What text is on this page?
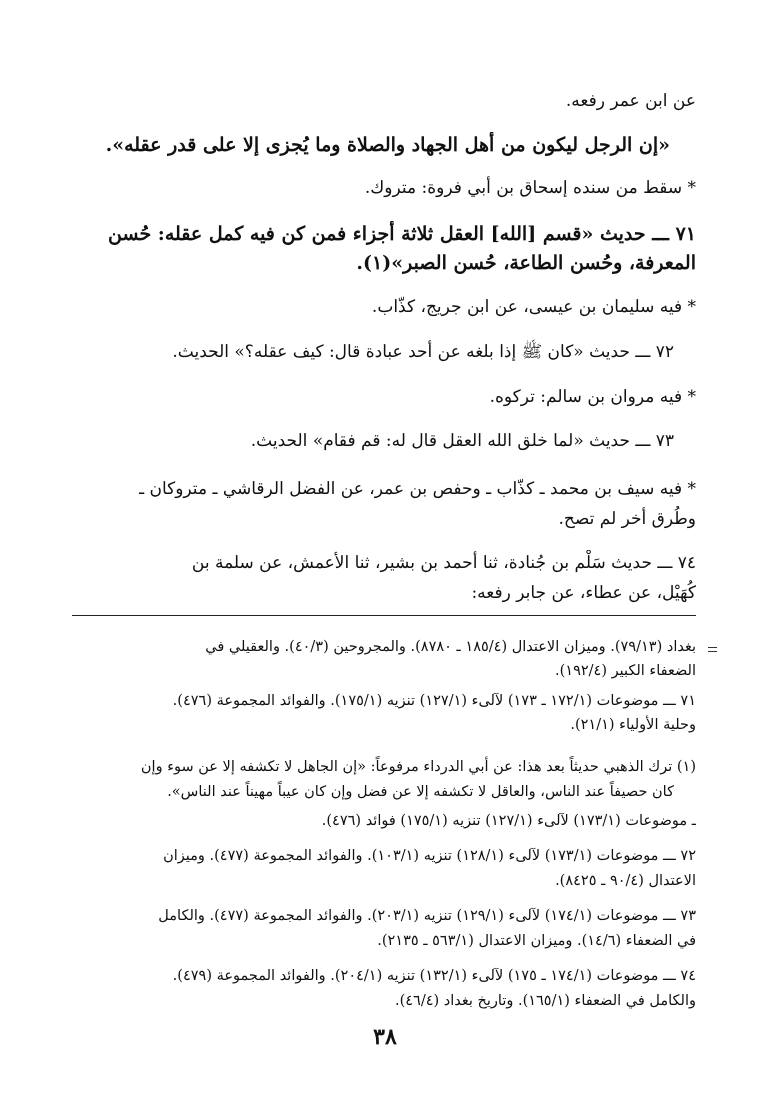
عن ابن عمر رفعه.
«إن الرجل ليكون من أهل الجهاد والصلاة وما يُجزى إلا على قدر عقله».
* سقط من سنده إسحاق بن أبي فروة: متروك.
٧١ ـــ حديث «قسم [الله] العقل ثلاثة أجزاء فمن كن فيه كمل عقله: حُسن
المعرفة، وحُسن الطاعة، حُسن الصبر»(١).
* فيه سليمان بن عيسى، عن ابن جريج، كذّاب.
٧٢ ـــ حديث «كان ﷺ إذا بلغه عن أحد عبادة قال: كيف عقله؟» الحديث.
* فيه مروان بن سالم: تركوه.
٧٣ ـــ حديث «لما خلق الله العقل قال له: قم فقام» الحديث.
* فيه سيف بن محمد ـ كذّاب ـ وحفص بن عمر، عن الفضل الرقاشي ـ متروكان ـ
وطُرق أخر لم تصح.
٧٤ ـــ حديث سَلْم بن جُنادة، ثنا أحمد بن بشير، ثنا الأعمش، عن سلمة بن
كُهَيْل، عن عطاء، عن جابر رفعه:
بغداد (٧٩/١٣). وميزان الاعتدال (١٨٥/٤ ـ ٨٧٨٠). والمجروحين (٤٠/٣). والعقيلي في
الضعفاء الكبير (١٩٢/٤).
٧١ ـــ موضوعات (١٧٢/١ ـ ١٧٣) لآلىء (١٢٧/١) تنزيه (١٧٥/١). والفوائد المجموعة (٤٧٦).
وحلية الأولياء (٢١/١).
(١) ترك الذهبي حديثاً بعد هذا: عن أبي الدرداء مرفوعاً: «إن الجاهل لا تكشفه إلا عن سوء وإن
كان حصيفاً عند الناس، والعاقل لا تكشفه إلا عن فضل وإن كان عيباً مهيناً عند الناس».
ـ موضوعات (١٧٣/١) لآلىء (١٢٧/١) تنزيه (١٧٥/١) فوائد (٤٧٦).
٧٢ ـــ موضوعات (١٧٣/١) لآلىء (١٢٨/١) تنزيه (١٠٣/١). والفوائد المجموعة (٤٧٧). وميزان
الاعتدال (٩٠/٤ ـ ٨٤٢٥).
٧٣ ـــ موضوعات (١٧٤/١) لآلىء (١٢٩/١) تنزيه (٢٠٣/١). والفوائد المجموعة (٤٧٧). والكامل
في الضعفاء (١٤/٦). وميزان الاعتدال (٥٦٣/١ ـ ٢١٣٥).
٧٤ ـــ موضوعات (١٧٤/١ ـ ١٧٥) لآلىء (١٣٢/١) تنزيه (٢٠٤/١). والفوائد المجموعة (٤٧٩).
والكامل في الضعفاء (١٦٥/١). وتاريخ بغداد (٤٦/٤).
٣٨
